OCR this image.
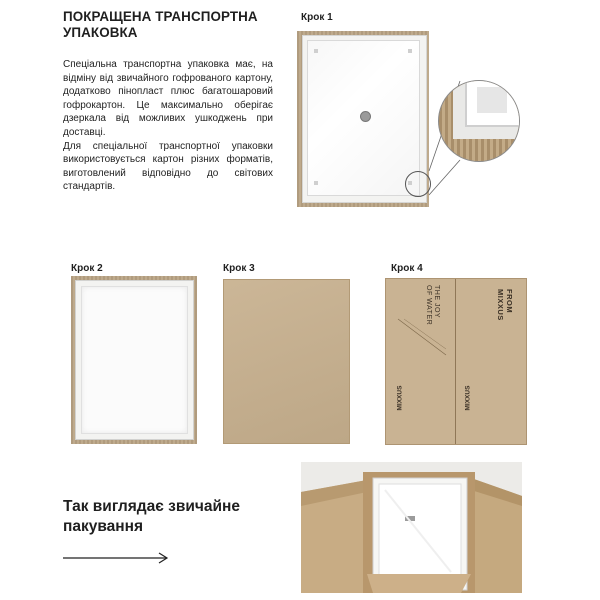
ПОКРАЩЕНА ТРАНСПОРТНА
УПАКОВКА
Спеціальна транспортна упаковка має, на відміну від звичайного гофрованого картону, додатково пінопласт плюс багатошаровий гофрокартон. Це максимально оберігає дзеркала від можливих ушкоджень при доставці.
Для спеціальної транспортної упаковки використовується картон різних форматів, виготовлений відповідно до світових стандартів.
Крок 1
Крок 2	Крок 3	Крок 4
THE JOY
OF WATER	FROM
MIXXUS
MIXXUS	MIXXUS
Так виглядає звичайне
пакування
